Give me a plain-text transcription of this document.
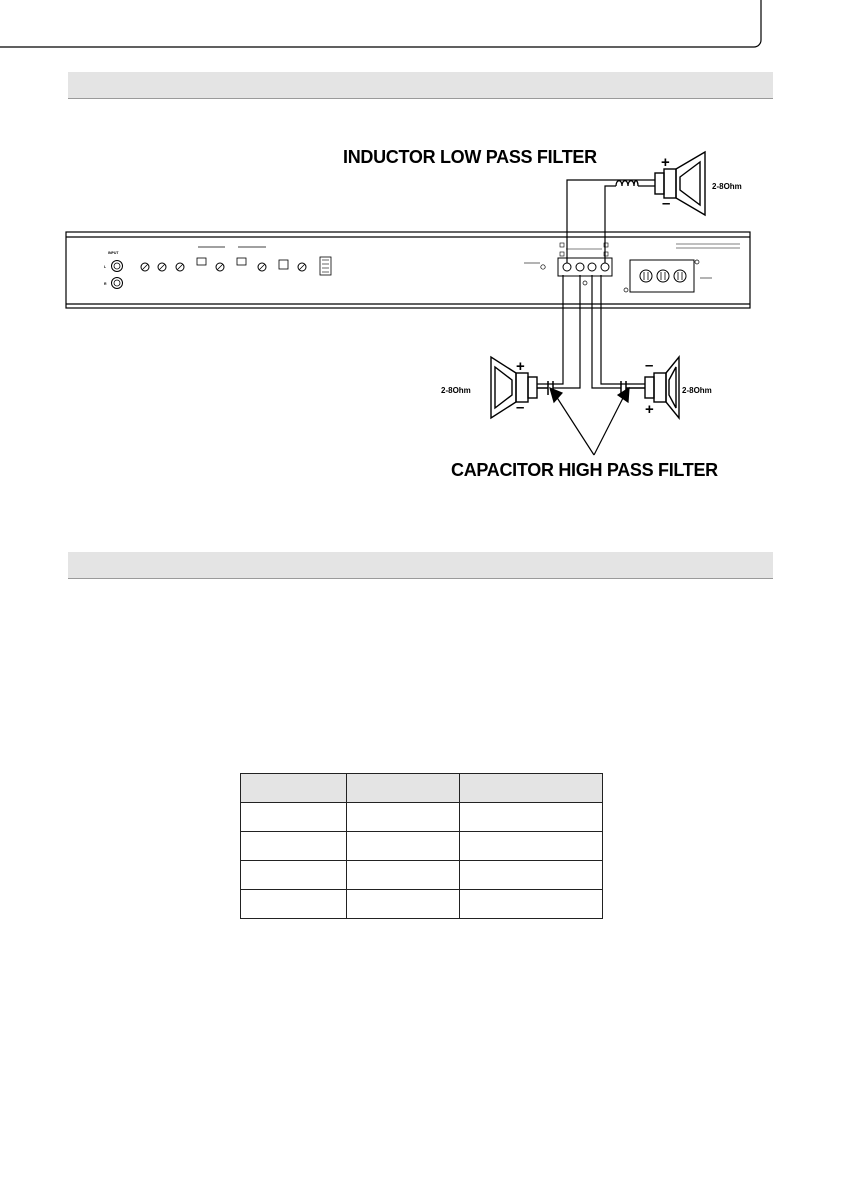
INDUCTOR LOW PASS FILTER
CAPACITOR HIGH PASS FILTER
INPUT
L
R
+
–
2-8Ohm
+
–
2-8Ohm
–
+
2-8Ohm
